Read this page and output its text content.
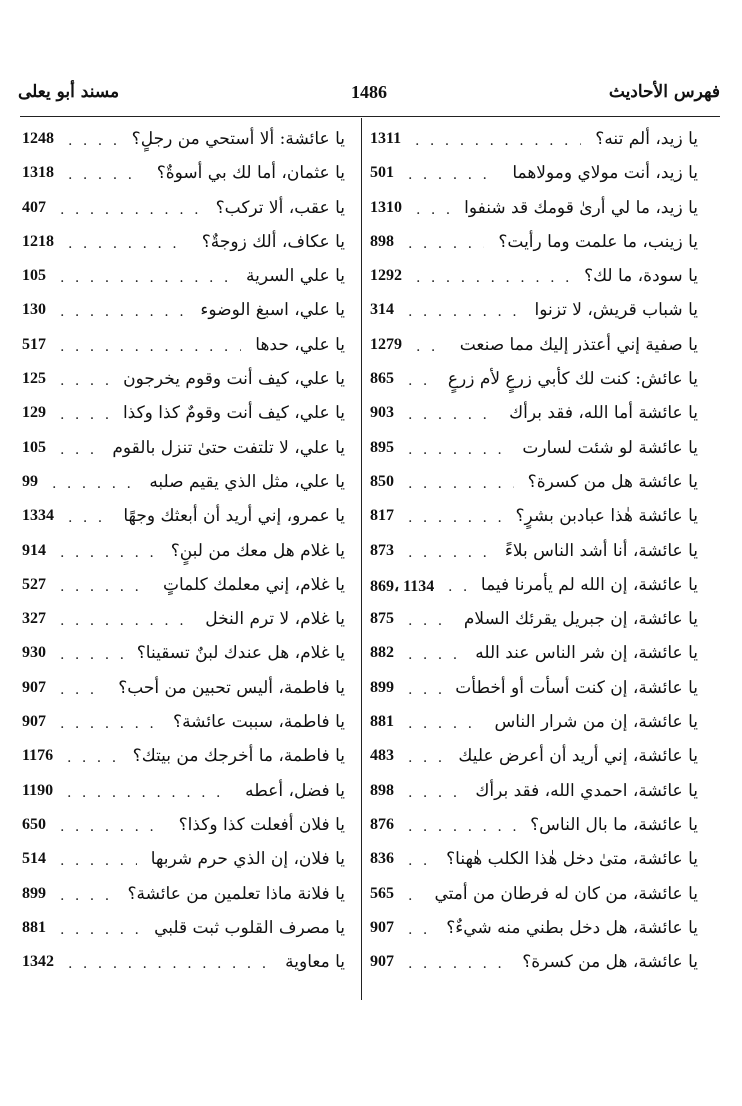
فهرس الأحاديث
1486
مسند أبو يعلى
1311 . . .	يا زيد، ألم تنه؟
501 . . .	يا زيد، أنت مولاي ومولاهما
1310 . . .	يا زيد، ما لي أرىٰ قومك قد شنفوا
898 . . .	يا زينب، ما علمت وما رأيت؟
1292 . . .	يا سودة، ما لك؟
314 . . .	يا شباب قريش، لا تزنوا
1279 . . .	يا صفية إني أعتذر إليك مما صنعت
865 . . .	يا عائش: كنت لك كأبي زرعٍ لأم زرعٍ
903 . . .	يا عائشة أما الله، فقد برأك
895 . . .	يا عائشة لو شئت لسارت
850 . . .	يا عائشة هل من كسرة؟
817 . . .	يا عائشة هٰذا عبادبن بشرٍ؟
873 . . .	يا عائشة، أنا أشد الناس بلاءً
869، 1134 . . .	يا عائشة، إن الله لم يأمرنا فيما
875 . . .	يا عائشة، إن جبريل يقرئك السلام
882 . . .	يا عائشة، إن شر الناس عند الله
899 . . .	يا عائشة، إن كنت أسأت أو أخطأت
881 . . .	يا عائشة، إن من شرار الناس
483 . . .	يا عائشة، إني أريد أن أعرض عليك
898 . . .	يا عائشة، احمدي الله، فقد برأك
876 . . .	يا عائشة، ما بال الناس؟
836 . . .	يا عائشة، متىٰ دخل هٰذا الكلب هٰهنا؟
565 . . . يا عائشة، من كان له فرطان من أمتي
907 . . .	يا عائشة، هل دخل بطني منه شيءٌ؟
907 . . .	يا عائشة، هل من كسرة؟
1248 . . .	يا عائشة: ألا أستحي من رجلٍ؟
1318 . . .	يا عثمان، أما لك بي أسوةٌ؟
407 . . .	يا عقب، ألا تركب؟
1218 . . .	يا عكاف، ألك زوجةٌ؟
105 . . .	يا علي السرية
130 . . .	يا علي، اسبغ الوضوء
517 . . .	يا علي، حدها
125 . . .	يا علي، كيف أنت وقوم يخرجون
129 . . .	يا علي، كيف أنت وقومٌ كذا وكذا
105 . . .	يا علي، لا تلتفت حتىٰ تنزل بالقوم
99 . . .	يا علي، مثل الذي يقيم صلبه
1334 . . .	يا عمرو، إني أريد أن أبعثك وجهًا
914 . . .	يا غلام هل معك من لبنٍ؟
527 . . .	يا غلام، إني معلمك كلماتٍ
327 . . .	يا غلام، لا ترم النخل
930 . . .	يا غلام، هل عندك لبنٌ تسقينا؟
907 . . .	يا فاطمة، أليس تحبين من أحب؟
907 . . .	يا فاطمة، سببت عائشة؟
1176 . . .	يا فاطمة، ما أخرجك من بيتك؟
1190 . . .	يا فضل، أعطه
650 . . .	يا فلان أفعلت كذا وكذا؟
514 . . .	يا فلان، إن الذي حرم شربها
899 . . .	يا فلانة ماذا تعلمين من عائشة؟
881 . . .	يا مصرف القلوب ثبت قلبي
1342 . . .	يا معاوية
